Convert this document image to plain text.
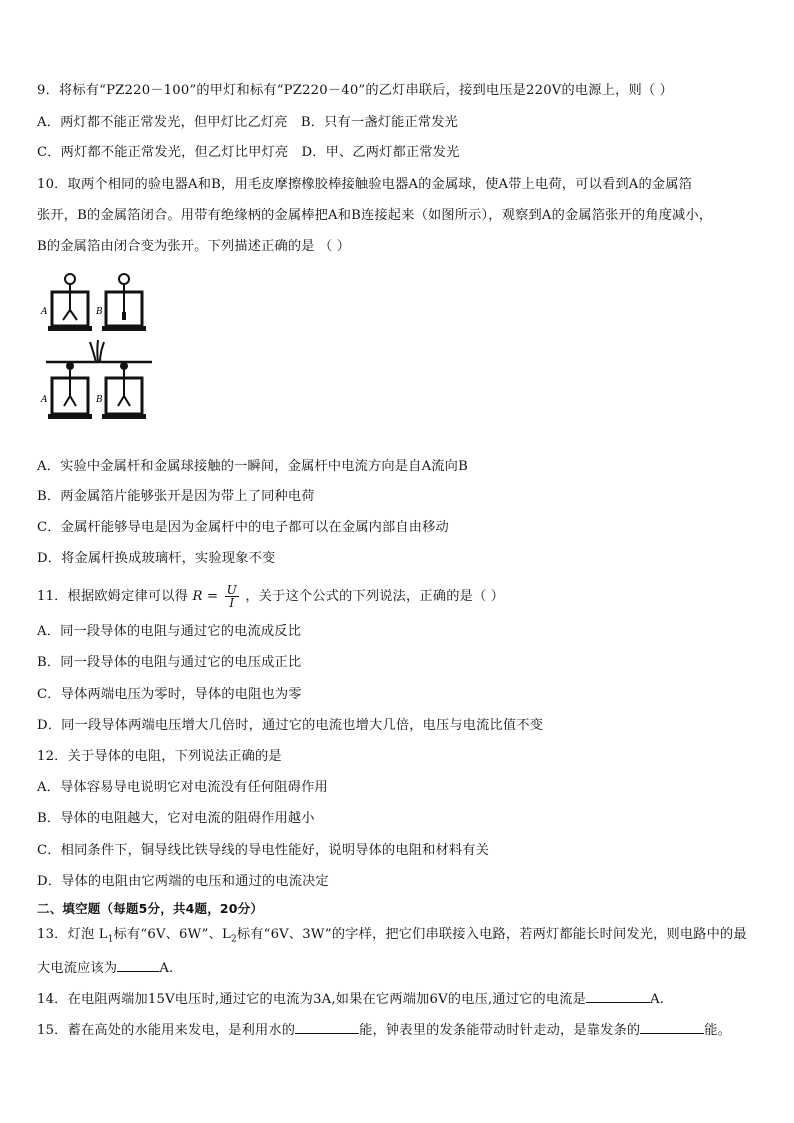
9．将标有“PZ220－100”的甲灯和标有“PZ220－40”的乙灯串联后，接到电压是220V的电源上，则（ ）
A．两灯都不能正常发光，但甲灯比乙灯亮 B．只有一盏灯能正常发光
C．两灯都不能正常发光，但乙灯比甲灯亮 D．甲、乙两灯都正常发光
10．取两个相同的验电器A和B，用毛皮摩擦橡胶棒接触验电器A的金属球，使A带上电荷，可以看到A的金属箔
张开，B的金属箔闭合。用带有绝缘柄的金属棒把A和B连接起来（如图所示），观察到A的金属箔张开的角度减小，
B的金属箔由闭合变为张开。下列描述正确的是 （ ）
A	B
A	B
A．实验中金属杆和金属球接触的一瞬间，金属杆中电流方向是自A流向B
B．两金属箔片能够张开是因为带上了同种电荷
C．金属杆能够导电是因为金属杆中的电子都可以在金属内部自由移动
D．将金属杆换成玻璃杆，实验现象不变
11．根据欧姆定律可以得 $R = \frac{U}{I}$ ，关于这个公式的下列说法，正确的是（ ）
A．同一段导体的电阻与通过它的电流成反比
B．同一段导体的电阻与通过它的电压成正比
C．导体两端电压为零时，导体的电阻也为零
D．同一段导体两端电压增大几倍时，通过它的电流也增大几倍，电压与电流比值不变
12．关于导体的电阻，下列说法正确的是
A．导体容易导电说明它对电流没有任何阻碍作用
B．导体的电阻越大，它对电流的阻碍作用越小
C．相同条件下，铜导线比铁导线的导电性能好，说明导体的电阻和材料有关
D．导体的电阻由它两端的电压和通过的电流决定
二、填空题（每题5分，共4题，20分）
13．灯泡 $L_1$标有“6V、6W”、$L_2$标有“6V、3W”的字样，把它们串联接入电路，若两灯都能长时间发光，则电路中的最
大电流应该为	A.
14．在电阻两端加15V电压时,通过它的电流为3A,如果在它两端加6V的电压,通过它的电流是	A.
15．蓄在高处的水能用来发电，是利用水的	能，钟表里的发条能带动时针走动，是靠发条的	能。
